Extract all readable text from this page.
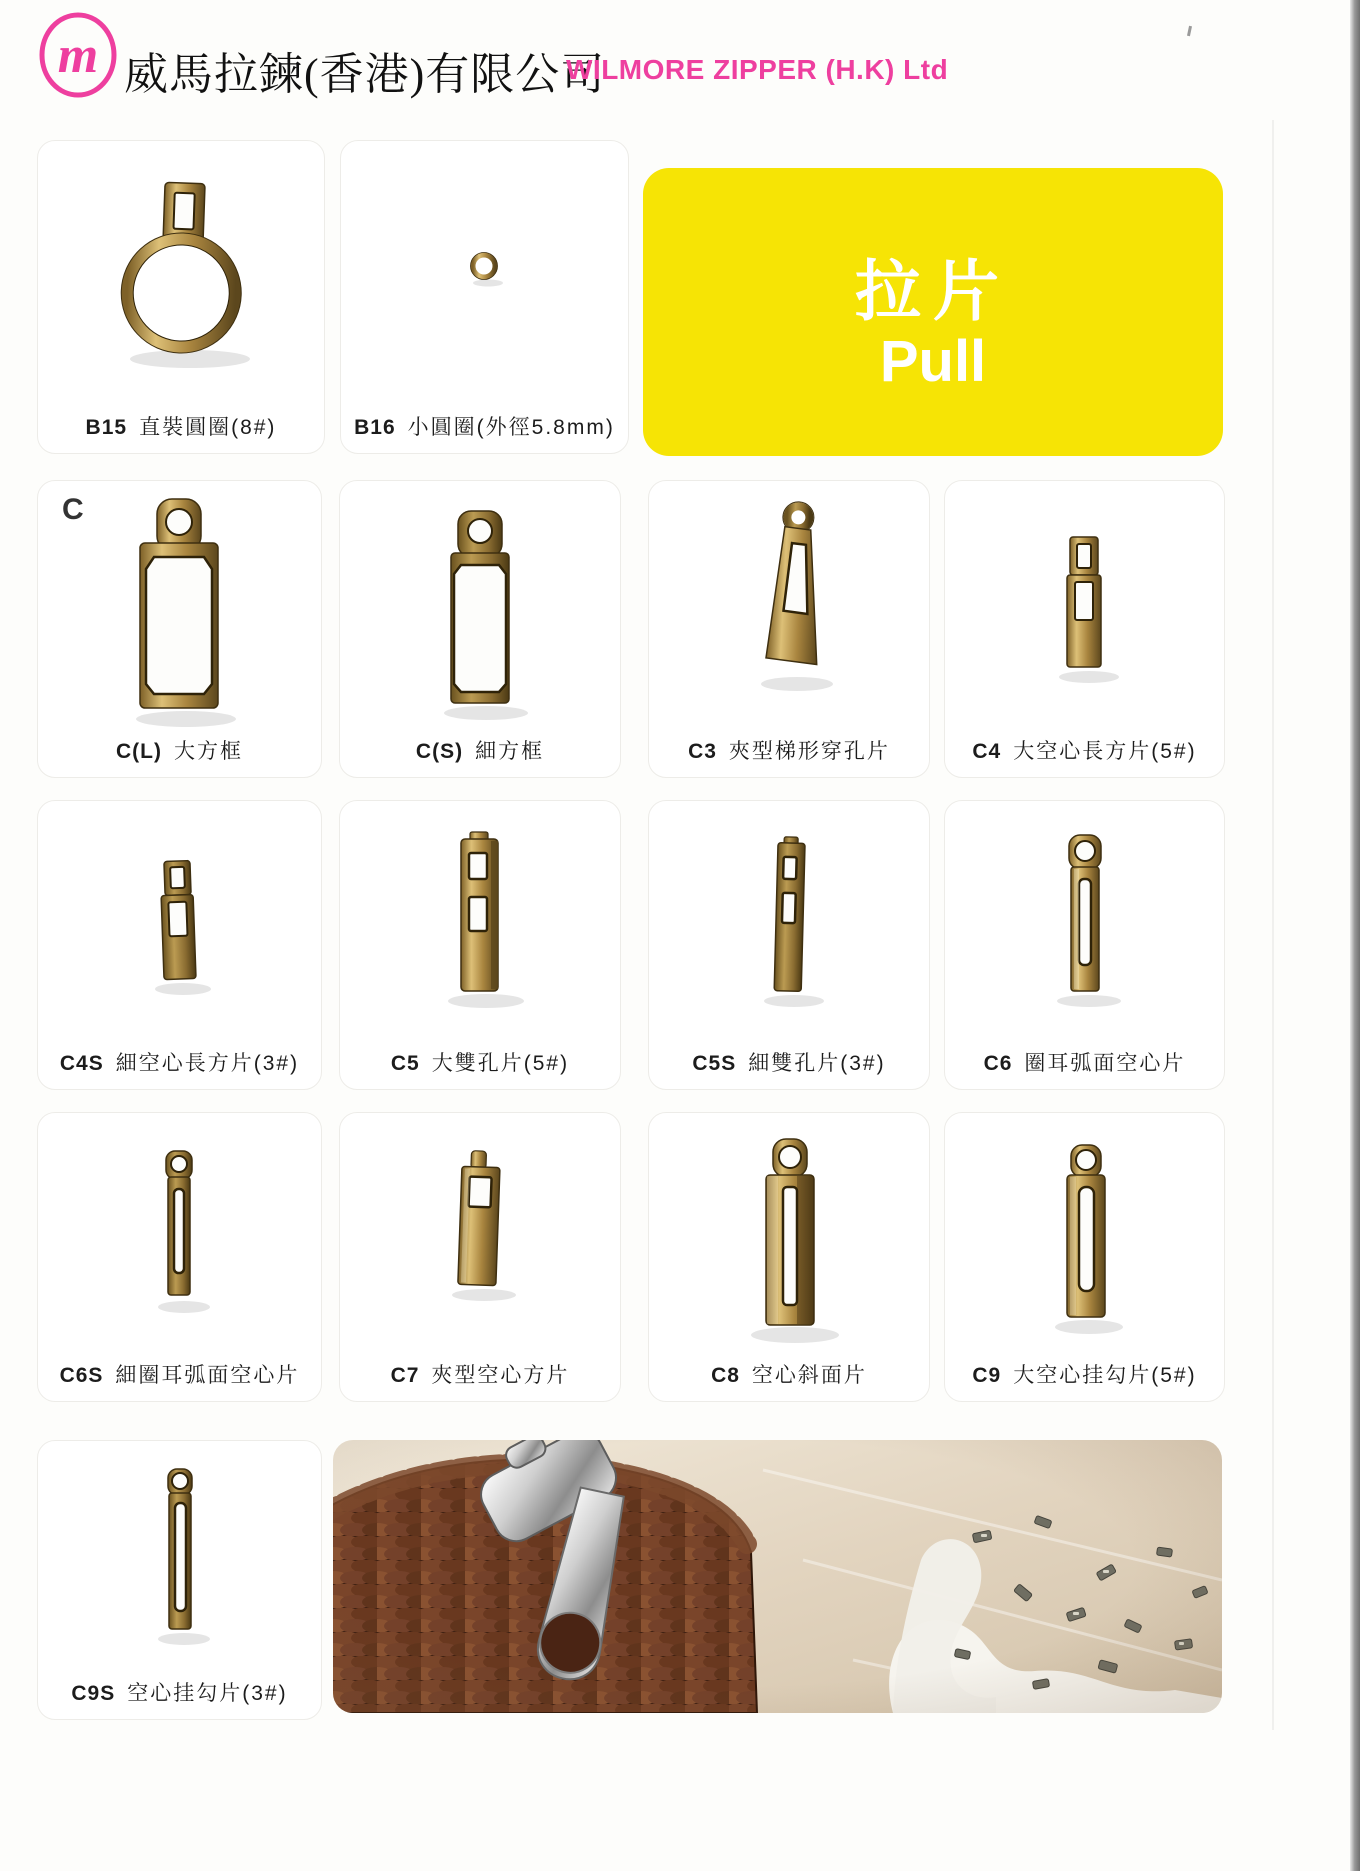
m 威馬拉鍊(香港)有限公司
WILMORE ZIPPER (H.K) Ltd
B15 直裝圓圈(8#)	B16 小圓圈(外徑5.8mm)
拉片
Pull
C
C(L) 大方框	C(S) 細方框	C3 夾型梯形穿孔片	C4 大空心長方片(5#)
C4S 細空心長方片(3#)	C5 大雙孔片(5#)	C5S 細雙孔片(3#)	C6 圈耳弧面空心片
C6S 細圈耳弧面空心片	C7 夾型空心方片	C8 空心斜面片	C9 大空心挂勾片(5#)
C9S 空心挂勾片(3#)
